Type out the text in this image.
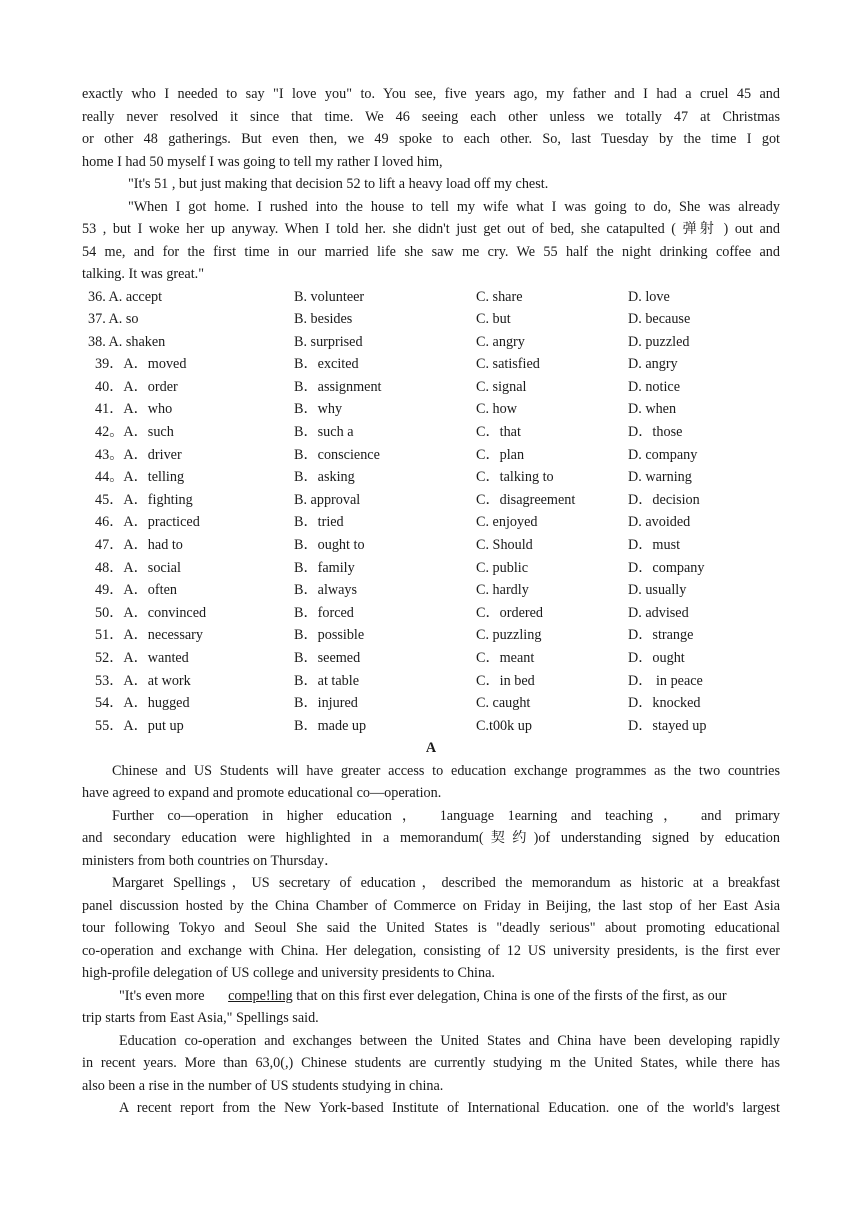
exactly who I needed to say "I love you" to. You see, five years ago, my father and I had a cruel 45 and
really never resolved it since that time. We 46 seeing each other unless we totally 47 at Christmas
or other 48 gatherings. But even then, we 49 spoke to each other. So, last Tuesday by the time I got
home I had 50 myself I was going to tell my rather I loved him,
"It's 51 , but just making that decision 52 to lift a heavy load off my chest.
"When I got home. I rushed into the house to tell my wife what I was going to do, She was already
53 , but I woke her up anyway. When I told her. she didn't just get out of bed, she catapulted ( 弹射 ) out and
54 me, and for the first time in our married life she saw me cry. We 55 half the night drinking coffee and
talking. It was great."
36. A. accept	B. volunteer	C. share	D. love
37. A. so	B. besides	C. but	D. because
38. A. shaken	B. surprised	C. angry	D. puzzled
39．A．moved	B．excited	C. satisfied	D. angry
40．A．order	B．assignment	C. signal	D. notice
41．A．who	B．why	C. how	D. when
42。A．such	B．such a	C．that	D．those
43。A．driver	B．conscience	C．plan	D. company
44。A．telling	B．asking	C．talking to	D. warning
45．A．fighting	B. approval	C．disagreement	D．decision
46．A．practiced	B．tried	C. enjoyed	D. avoided
47．A．had to	B．ought to	C. Should	D．must
48．A．social	B．family	C. public	D．company
49．A．often	B．always	C. hardly	D. usually
50．A．convinced	B．forced	C．ordered	D. advised
51．A．necessary	B．possible	C. puzzling	D．strange
52．A．wanted	B．seemed	C．meant	D．ought
53．A．at work	B．at table	C．in bed	D． in peace
54．A．hugged	B．injured	C. caught	D．knocked
55．A．put up	B．made up	C.t00k up	D．stayed up
A
Chinese and US Students will have greater access to education exchange programmes as the two countries
have agreed to expand and promote educational co—operation.
Further co—operation in higher education， 1anguage 1earning and teaching， and primary
and secondary education were highlighted in a memorandum(契约)of understanding signed by education
ministers from both countries on Thursday．
Margaret Spellings，US secretary of education，described the memorandum as historic at a breakfast
panel discussion hosted by the China Chamber of Commerce on Friday in Beijing, the last stop of her East Asia
tour following Tokyo and Seoul She said the United States is "deadly serious" about promoting educational
co-operation and exchange with China. Her delegation, consisting of 12 US university presidents, is the first ever
high-profile delegation of US college and university presidents to China.
"It's even more compe!ling that on this first ever delegation, China is one of the firsts of the first, as our
trip starts from East Asia," Spellings said.
Education co-operation and exchanges between the United States and China have been developing rapidly
in recent years. More than 63,0(,) Chinese students are currently studying m the United States, while there has
also been a rise in the number of US students studying in china.
A recent report from the New York-based Institute of International Education. one of the world's largest
